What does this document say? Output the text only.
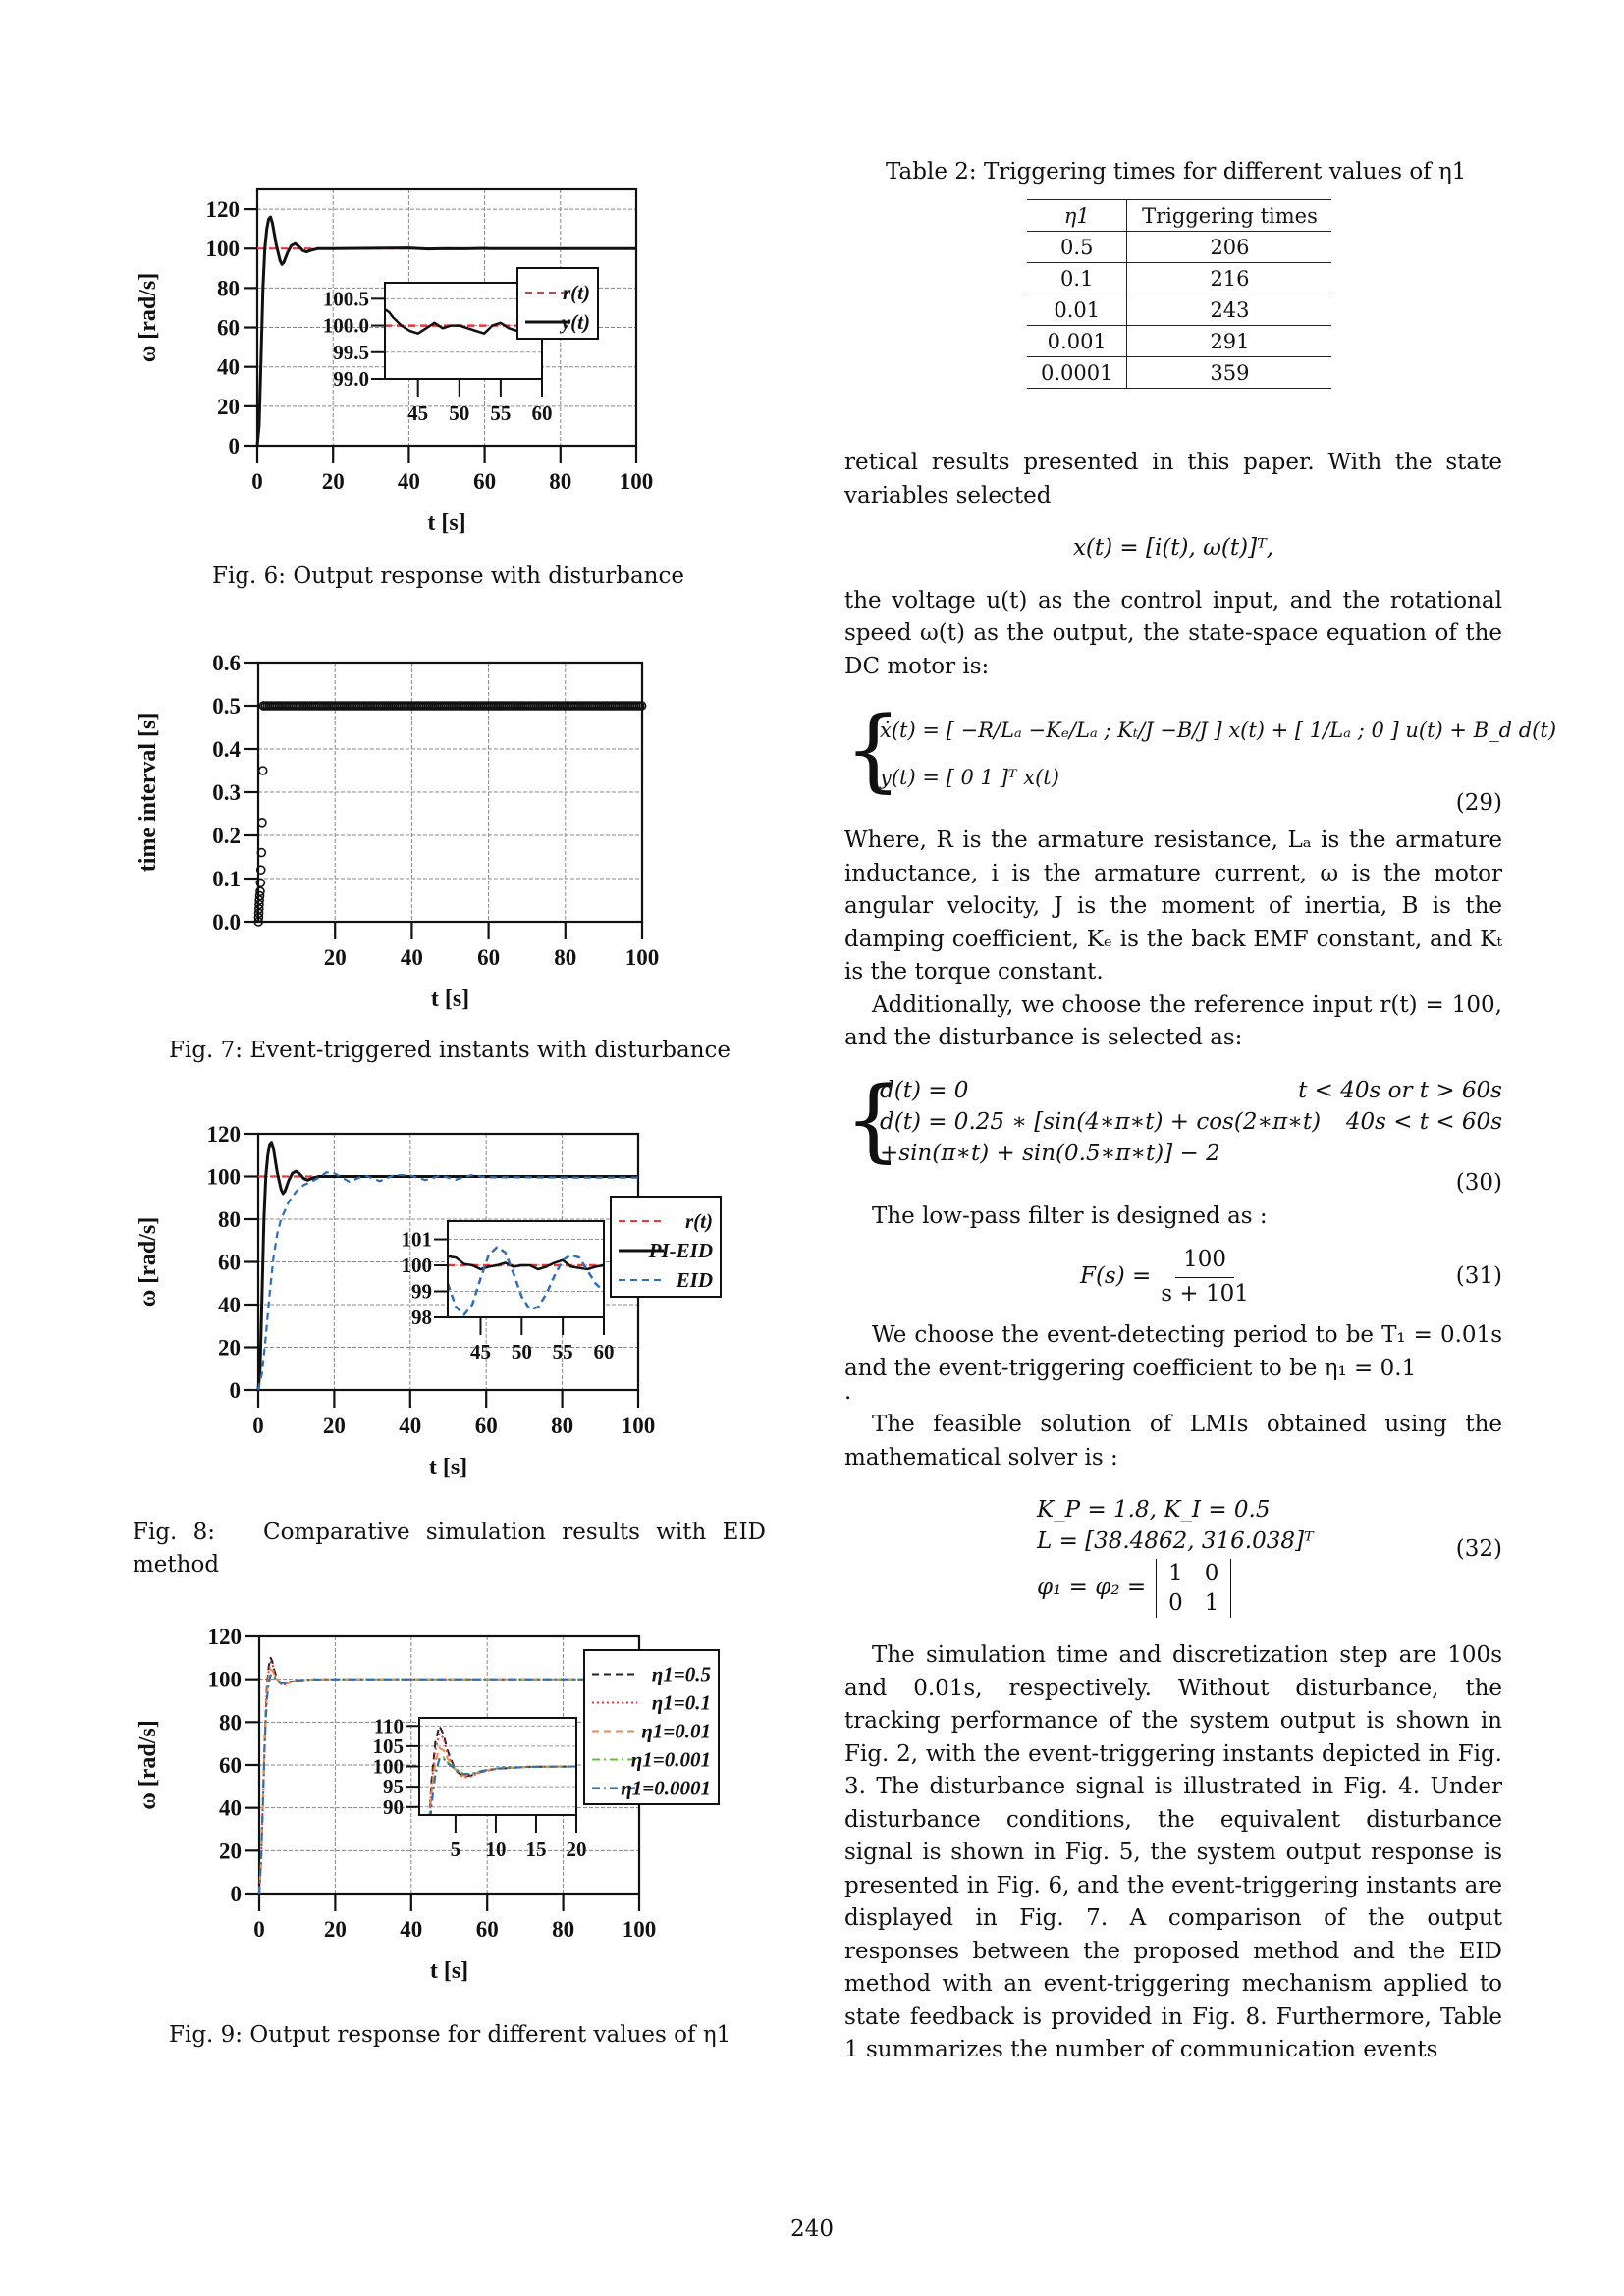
0	20 40 60 80 100
0
20
40
60
80
100
120
t [s]
ω [rad/s]
45 50 55 60
99.0
99.5
100.0
100.5	r(t)
y(t)
Fig. 6: Output response with disturbance
20 40 60 80 100
0.0
0.1
0.2
0.3
0.4
0.5
0.6
t [s]
time interval [s]
Fig. 7: Event-triggered instants with disturbance
0	20 40 60 80 100
0
20
40
60
80
100
120
t [s]
ω [rad/s]
45 50 55 60
98
99
100
101
r(t)
PI-EID
EID
Fig. 8:   Comparative simulation results with EID
method
0	20 40 60 80 100
0
20
40
60
80
100
120
t [s]
ω [rad/s]
5 10 15 20
90
95
100
105
110
η1=0.5
η1=0.1
η1=0.01
η1=0.001
η1=0.0001
Fig. 9: Output response for different values of η1
Table 2: Triggering times for different values of η1
η1	Triggering times
0.5	206
0.1	216
0.01	243
0.001	291
0.0001	359

retical results presented in this paper. With the state variables selected

x(t) = [i(t), ω(t)]ᵀ,

the voltage u(t) as the control input, and the rotational speed ω(t) as the output, the state-space equation of the DC motor is:

{
ẋ(t) = [ −R/Lₐ −Kₑ/Lₐ ; Kₜ/J −B/J ] x(t) + [ 1/Lₐ ; 0 ] u(t) + B_d d(t)
y(t) = [ 0 1 ]ᵀ x(t)
(29)

Where, R is the armature resistance, Lₐ is the armature inductance, i is the armature current, ω is the motor angular velocity, J is the moment of inertia, B is the damping coefficient, Kₑ is the back EMF constant, and Kₜ is the torque constant.

Additionally, we choose the reference input r(t) = 100, and the disturbance is selected as:

{
d(t) = 0	t < 40s or t > 60s
d(t) = 0.25 ∗ [sin(4∗π∗t) + cos(2∗π∗t) 40s < t < 60s
+sin(π∗t) + sin(0.5∗π∗t)] − 2
(30)

The low-pass filter is designed as :

$F(s) = \frac{100}{s + 101}$	(31)

We choose the event-detecting period to be T₁ = 0.01s and the event-triggering coefficient to be η₁ = 0.1

.

The feasible solution of LMIs obtained using the mathematical solver is :

K_P = 1.8, K_I = 0.5
L = [38.4862, 316.038]ᵀ
φ₁ = φ₂ =
1 0
0 1
(32)

The simulation time and discretization step are 100s and 0.01s, respectively. Without disturbance, the tracking performance of the system output is shown in Fig. 2, with the event-triggering instants depicted in Fig. 3. The disturbance signal is illustrated in Fig. 4. Under disturbance conditions, the equivalent disturbance signal is shown in Fig. 5, the system output response is presented in Fig. 6, and the event-triggering instants are displayed in Fig. 7. A comparison of the output responses between the proposed method and the EID method with an event-triggering mechanism applied to state feedback is provided in Fig. 8. Furthermore, Table 1 summarizes the number of communication events

240
